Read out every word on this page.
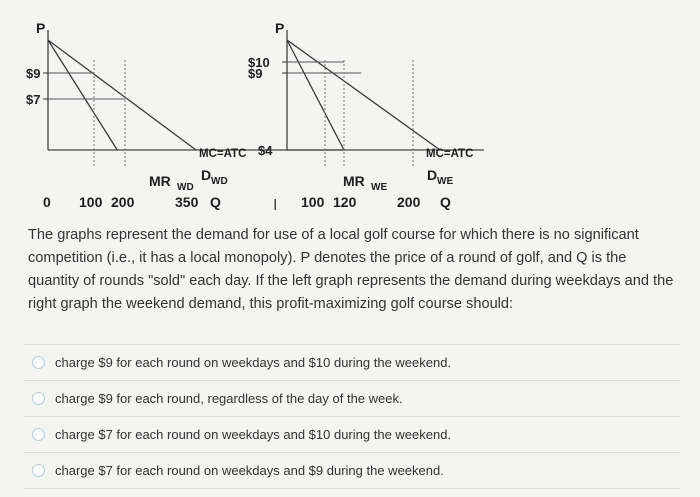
P
$9
$7
MC=ATC
MR WD
D WD
0 100 200	350 Q
P
$10
$9
$4	MC=ATC
MR WE
D WE
100 120	200 Q
Ӏ
The graphs represent the demand for use of a local golf course for which there is no significant competition (i.e., it has a local monopoly). P denotes the price of a round of golf, and Q is the quantity of rounds "sold" each day. If the left graph represents the demand during weekdays and the right graph the weekend demand, this profit-maximizing golf course should:
charge $9 for each round on weekdays and $10 during the weekend.
charge $9 for each round, regardless of the day of the week.
charge $7 for each round on weekdays and $10 during the weekend.
charge $7 for each round on weekdays and $9 during the weekend.
